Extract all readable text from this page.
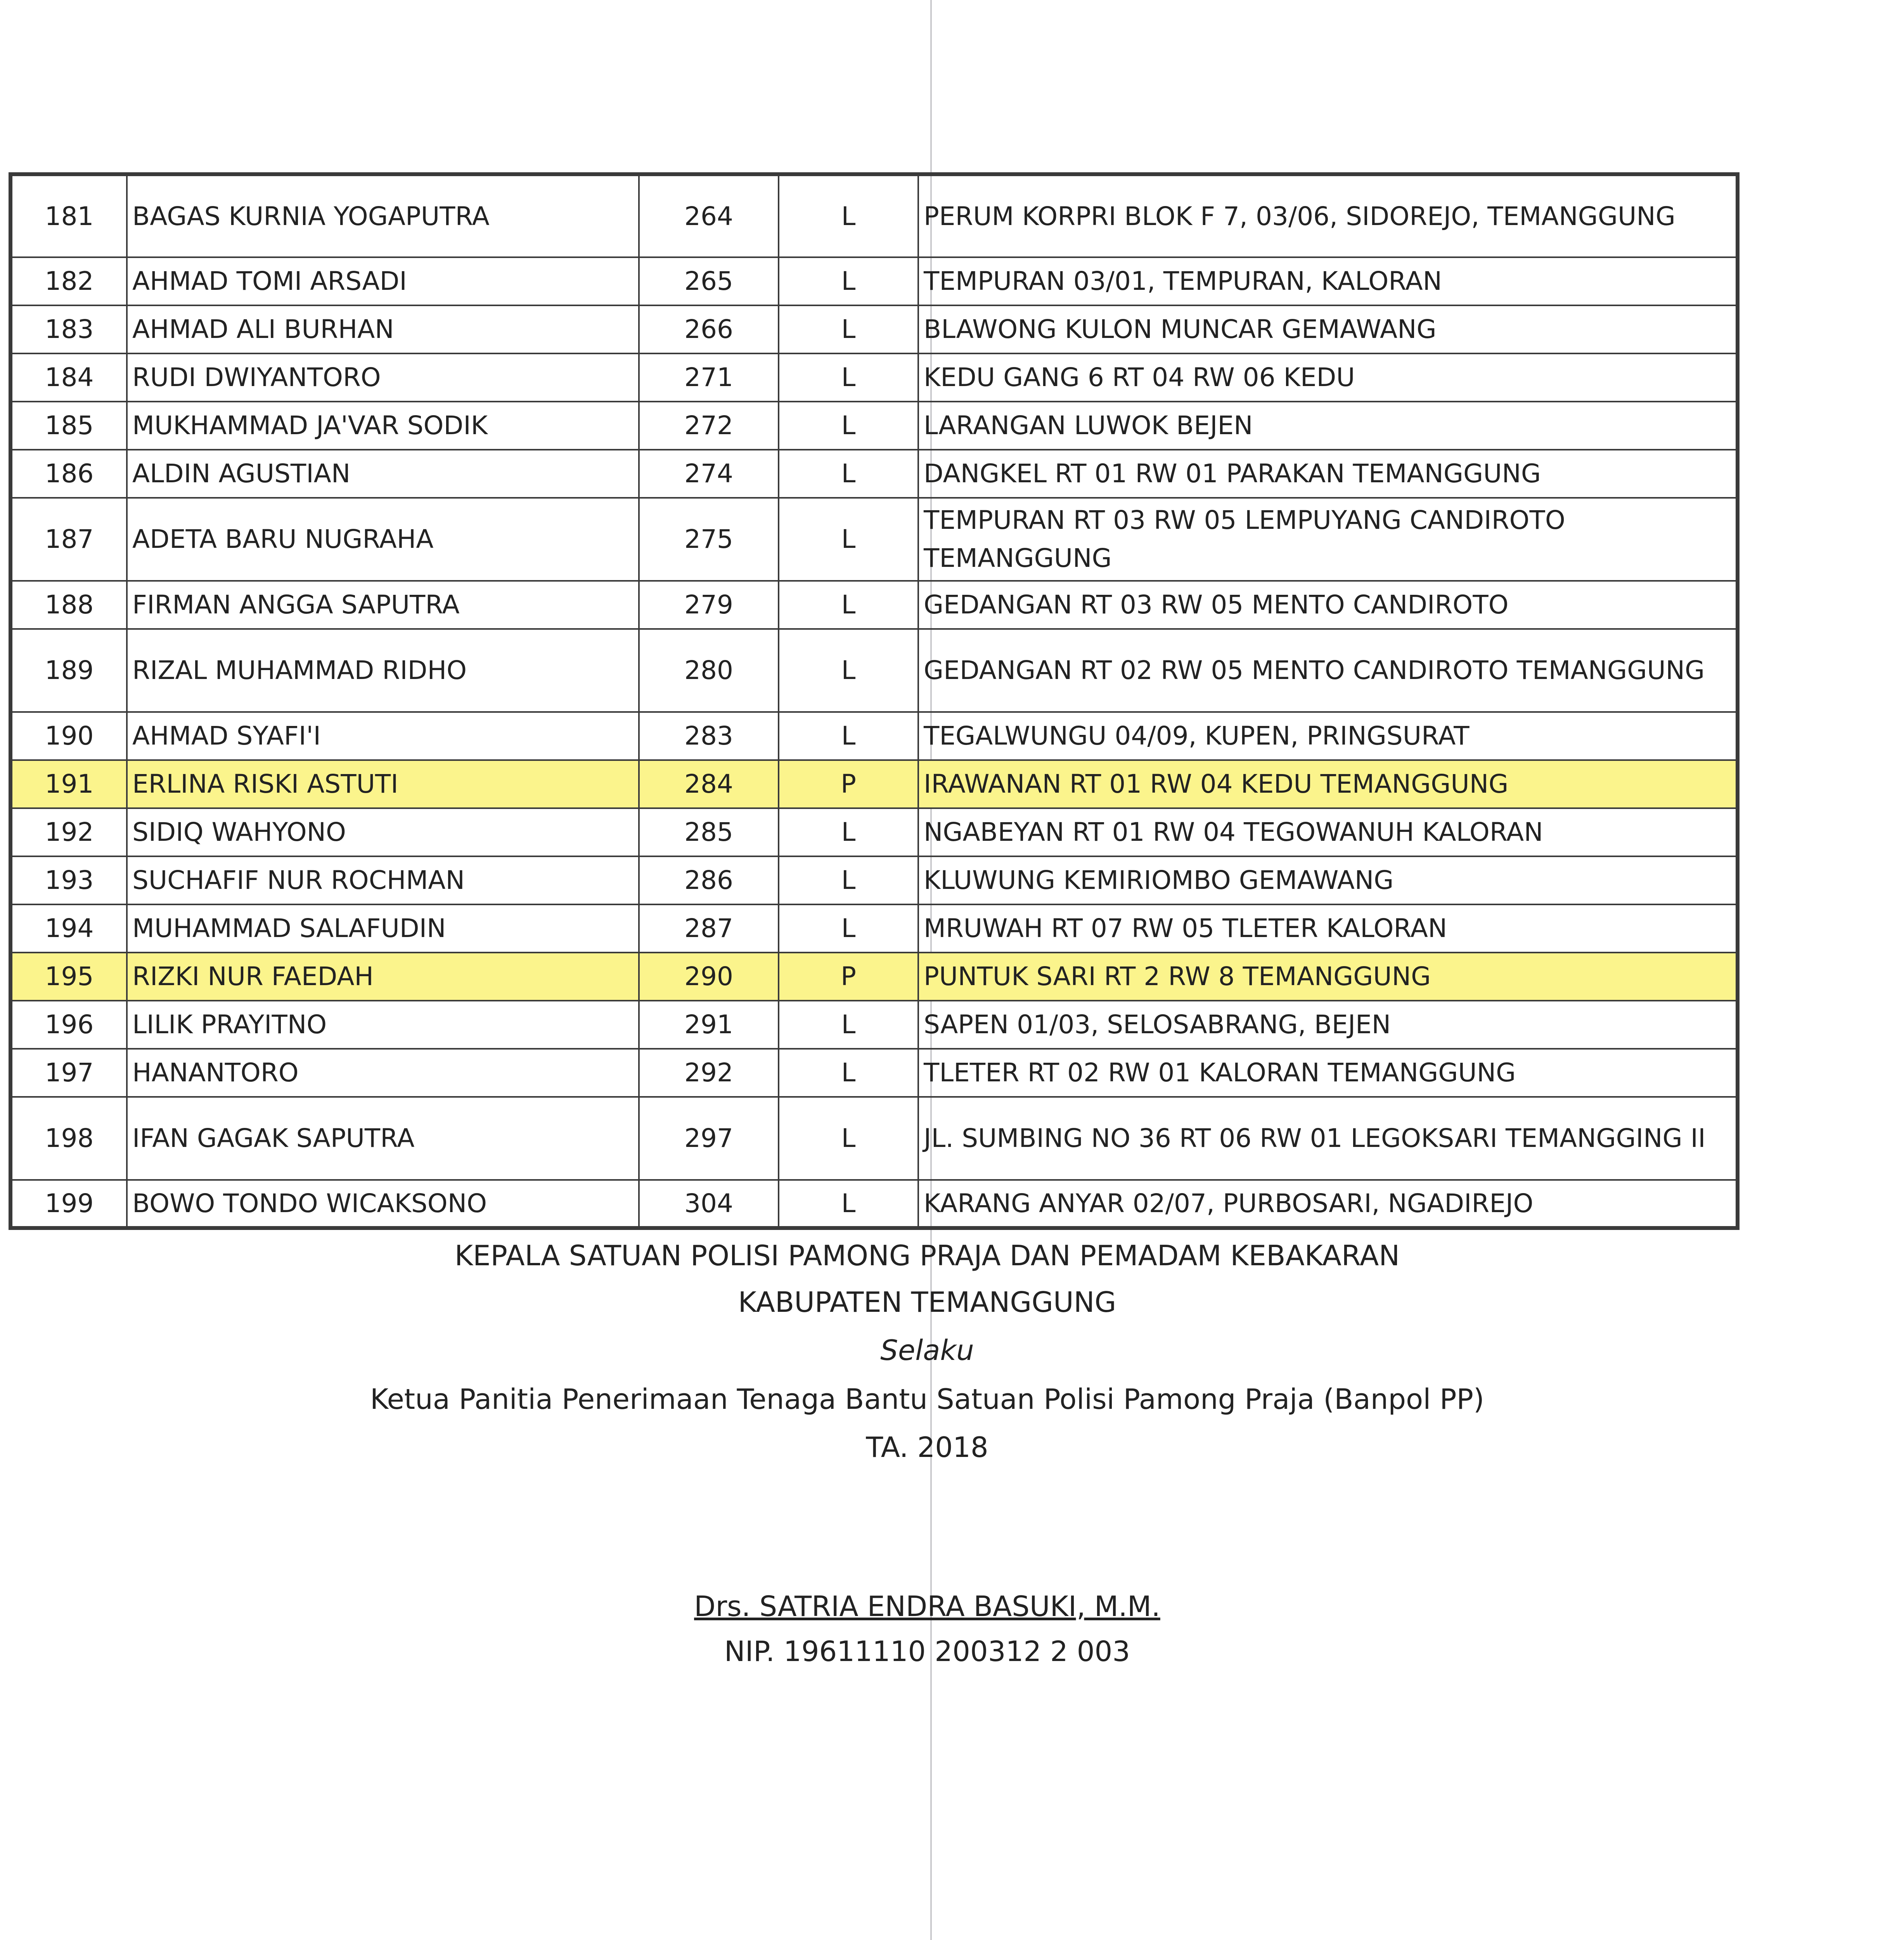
181	BAGAS KURNIA YOGAPUTRA	264	L	PERUM KORPRI BLOK F 7, 03/06, SIDOREJO, TEMANGGUNG
182	AHMAD TOMI ARSADI	265	L	TEMPURAN 03/01, TEMPURAN, KALORAN
183	AHMAD ALI BURHAN	266	L	BLAWONG KULON MUNCAR GEMAWANG
184	RUDI DWIYANTORO	271	L	KEDU GANG 6 RT 04 RW 06 KEDU
185	MUKHAMMAD JA'VAR SODIK	272	L	LARANGAN LUWOK BEJEN
186	ALDIN AGUSTIAN	274	L	DANGKEL RT 01 RW 01 PARAKAN TEMANGGUNG
187	ADETA BARU NUGRAHA	275	L	TEMPURAN RT 03 RW 05 LEMPUYANG CANDIROTO TEMANGGUNG
188	FIRMAN ANGGA SAPUTRA	279	L	GEDANGAN RT 03 RW 05 MENTO CANDIROTO
189	RIZAL MUHAMMAD RIDHO	280	L	GEDANGAN RT 02 RW 05 MENTO CANDIROTO TEMANGGUNG
190	AHMAD SYAFI'I	283	L	TEGALWUNGU 04/09, KUPEN, PRINGSURAT
191	ERLINA RISKI ASTUTI	284	P	IRAWANAN RT 01 RW 04 KEDU TEMANGGUNG
192	SIDIQ WAHYONO	285	L	NGABEYAN RT 01 RW 04 TEGOWANUH KALORAN
193	SUCHAFIF NUR ROCHMAN	286	L	KLUWUNG KEMIRIOMBO GEMAWANG
194	MUHAMMAD SALAFUDIN	287	L	MRUWAH RT 07 RW 05 TLETER KALORAN
195	RIZKI NUR FAEDAH	290	P	PUNTUK SARI RT 2 RW 8 TEMANGGUNG
196	LILIK PRAYITNO	291	L	SAPEN 01/03, SELOSABRANG, BEJEN
197	HANANTORO	292	L	TLETER RT 02 RW 01 KALORAN TEMANGGUNG
198	IFAN GAGAK SAPUTRA	297	L	JL. SUMBING NO 36 RT 06 RW 01 LEGOKSARI TEMANGGING II
199	BOWO TONDO WICAKSONO	304	L	KARANG ANYAR 02/07, PURBOSARI, NGADIREJO
KEPALA SATUAN POLISI PAMONG PRAJA DAN PEMADAM KEBAKARAN
KABUPATEN TEMANGGUNG
Selaku
Ketua Panitia Penerimaan Tenaga Bantu Satuan Polisi Pamong Praja (Banpol PP)
TA. 2018
Drs. SATRIA ENDRA BASUKI, M.M.
NIP. 19611110 200312 2 003
